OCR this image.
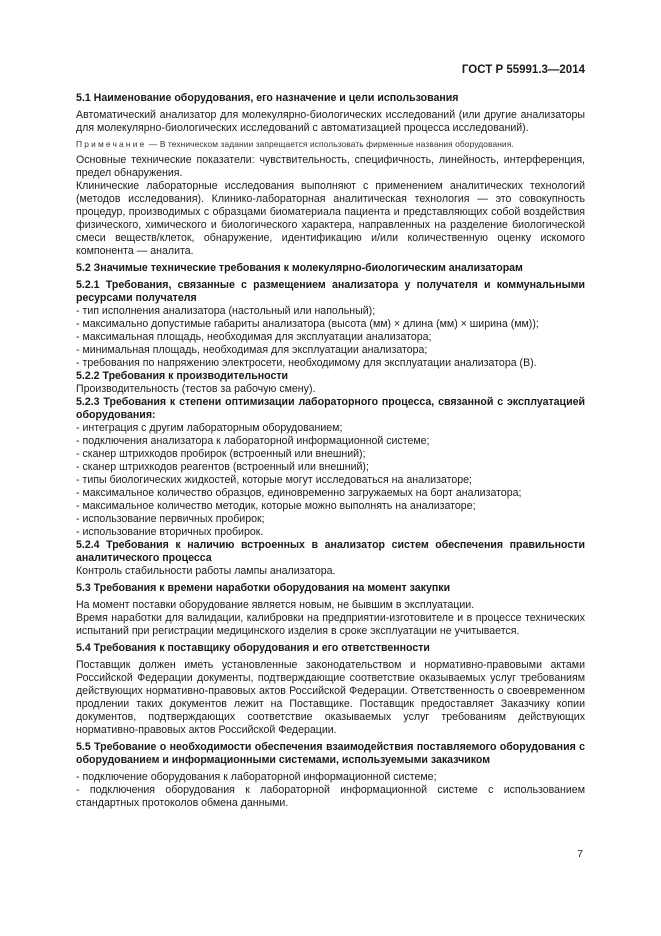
ГОСТ Р 55991.3—2014

5.1 Наименование оборудования, его назначение и цели использования

Автоматический анализатор для молекулярно-биологических исследований (или другие анализаторы для молекулярно-биологических исследований с автоматизацией процесса исследований).

Примечание — В техническом задании запрещается использовать фирменные названия оборудования.

Основные технические показатели: чувствительность, специфичность, линейность, интерференция, предел обнаружения.

Клинические лабораторные исследования выполняют с применением аналитических технологий (методов исследования). Клинико-лабораторная аналитическая технология — это совокупность процедур, производимых с образцами биоматериала пациента и представляющих собой воздействия физического, химического и биологического характера, направленных на разделение биологической смеси веществ/клеток, обнаружение, идентификацию и/или количественную оценку искомого компонента — аналита.

5.2 Значимые технические требования к молекулярно-биологическим анализаторам

5.2.1 Требования, связанные с размещением анализатора у получателя и коммунальными ресурсами получателя

- тип исполнения анализатора (настольный или напольный);

- максимально допустимые габариты анализатора (высота (мм) × длина (мм) × ширина (мм));

- максимальная площадь, необходимая для эксплуатации анализатора;

- минимальная площадь, необходимая для эксплуатации анализатора;

- требования по напряжению электросети, необходимому для эксплуатации анализатора (В).

5.2.2 Требования к производительности

Производительность (тестов за рабочую смену).

5.2.3 Требования к степени оптимизации лабораторного процесса, связанной с эксплуатацией оборудования:

- интеграция с другим лабораторным оборудованием;

- подключения анализатора к лабораторной информационной системе;

- сканер штрихкодов пробирок (встроенный или внешний);

- сканер штрихкодов реагентов (встроенный или внешний);

- типы биологических жидкостей, которые могут исследоваться на анализаторе;

- максимальное количество образцов, единовременно загружаемых на борт анализатора;

- максимальное количество методик, которые можно выполнять на анализаторе;

- использование первичных пробирок;

- использование вторичных пробирок.

5.2.4 Требования к наличию встроенных в анализатор систем обеспечения правильности аналитического процесса

Контроль стабильности работы лампы анализатора.

5.3 Требования к времени наработки оборудования на момент закупки

На момент поставки оборудование является новым, не бывшим в эксплуатации.

Время наработки для валидации, калибровки на предприятии-изготовителе и в процессе технических испытаний при регистрации медицинского изделия в сроке эксплуатации не учитывается.

5.4 Требования к поставщику оборудования и его ответственности

Поставщик должен иметь установленные законодательством и нормативно-правовыми актами Российской Федерации документы, подтверждающие соответствие оказываемых услуг требованиям действующих нормативно-правовых актов Российской Федерации. Ответственность о своевременном продлении таких документов лежит на Поставщике. Поставщик предоставляет Заказчику копии документов, подтверждающих соответствие оказываемых услуг требованиям действующих нормативно-правовых актов Российской Федерации.

5.5 Требование о необходимости обеспечения взаимодействия поставляемого оборудования с оборудованием и информационными системами, используемыми заказчиком

- подключение оборудования к лабораторной информационной системе;

- подключения оборудования к лабораторной информационной системе с использованием стандартных протоколов обмена данными.

7
